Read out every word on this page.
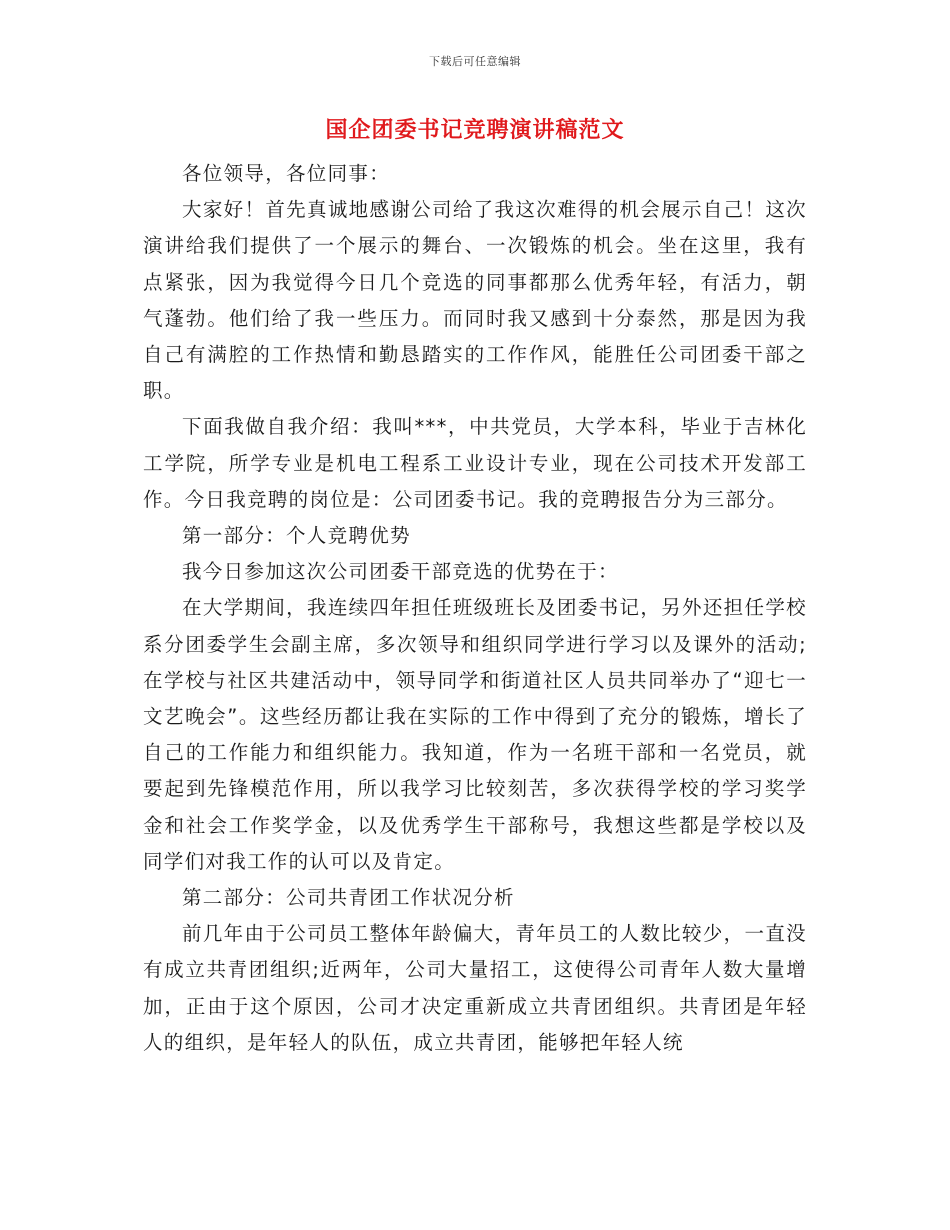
下载后可任意编辑
国企团委书记竞聘演讲稿范文

各位领导，各位同事：

大家好！首先真诚地感谢公司给了我这次难得的机会展示自己！这次演讲给我们提供了一个展示的舞台、一次锻炼的机会。坐在这里，我有点紧张，因为我觉得今日几个竞选的同事都那么优秀年轻，有活力，朝气蓬勃。他们给了我一些压力。而同时我又感到十分泰然，那是因为我自己有满腔的工作热情和勤恳踏实的工作作风，能胜任公司团委干部之职。

下面我做自我介绍：我叫***，中共党员，大学本科，毕业于吉林化工学院，所学专业是机电工程系工业设计专业，现在公司技术开发部工作。今日我竞聘的岗位是：公司团委书记。我的竞聘报告分为三部分。

第一部分：个人竞聘优势

我今日参加这次公司团委干部竞选的优势在于：

在大学期间，我连续四年担任班级班长及团委书记，另外还担任学校系分团委学生会副主席，多次领导和组织同学进行学习以及课外的活动;在学校与社区共建活动中，领导同学和街道社区人员共同举办了“迎七一文艺晚会”。这些经历都让我在实际的工作中得到了充分的锻炼，增长了自己的工作能力和组织能力。我知道，作为一名班干部和一名党员，就要起到先锋模范作用，所以我学习比较刻苦，多次获得学校的学习奖学金和社会工作奖学金，以及优秀学生干部称号，我想这些都是学校以及同学们对我工作的认可以及肯定。

第二部分：公司共青团工作状况分析

前几年由于公司员工整体年龄偏大，青年员工的人数比较少，一直没有成立共青团组织;近两年，公司大量招工，这使得公司青年人数大量增加，正由于这个原因，公司才决定重新成立共青团组织。共青团是年轻人的组织，是年轻人的队伍，成立共青团，能够把年轻人统
